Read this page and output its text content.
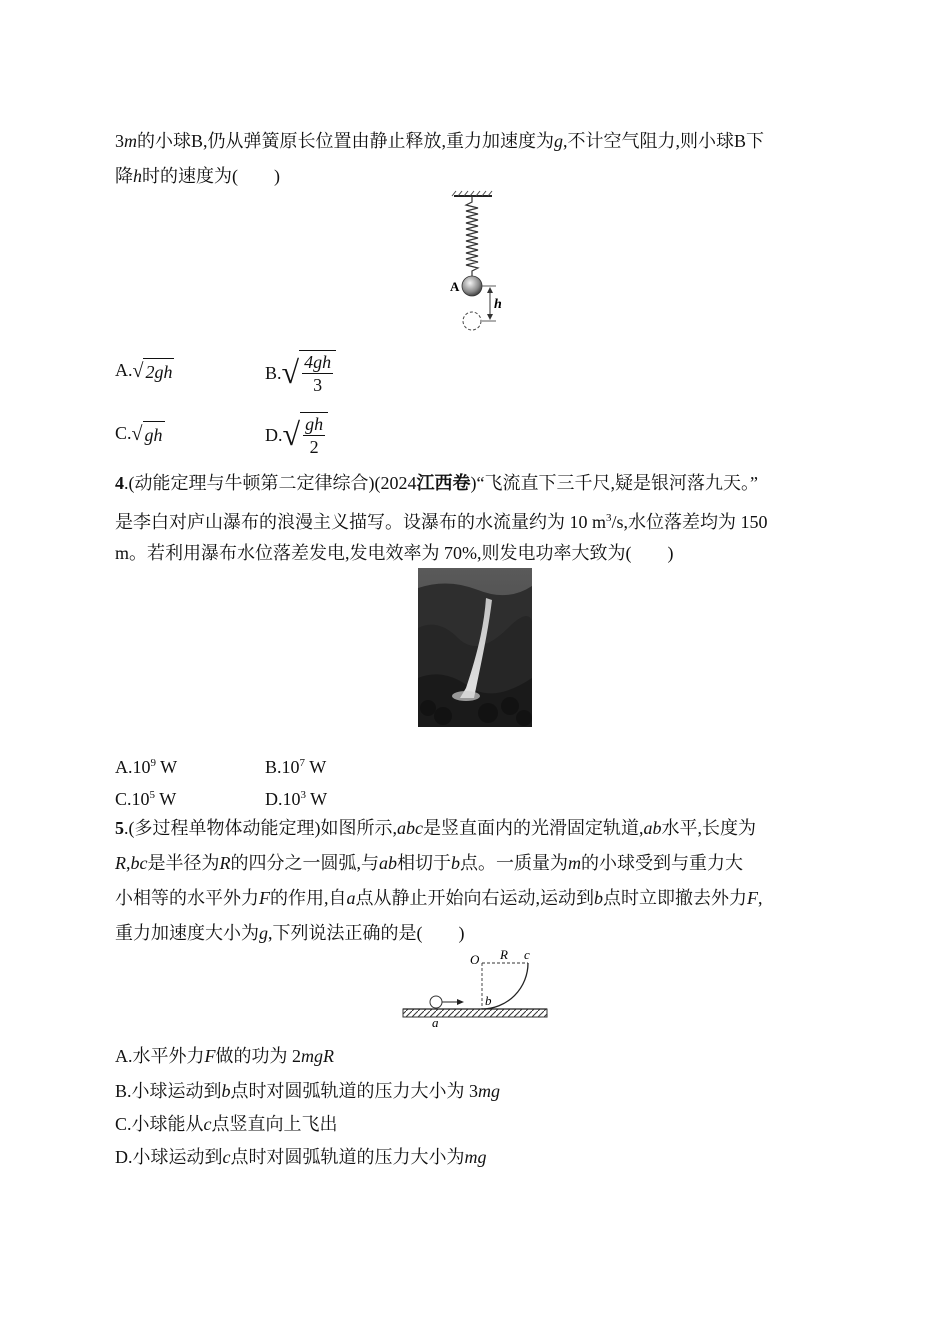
3m的小球B,仍从弹簧原长位置由静止释放,重力加速度为g,不计空气阻力,则小球B下
降h时的速度为(　　)
A
h
A. √ 2gh	B. √ $\frac{4gh}{3}$
C. √ gh	D. √ $\frac{gh}{2}$
4.(动能定理与牛顿第二定律综合)(2024江西卷)“飞流直下三千尺,疑是银河落九天。”
是李白对庐山瀑布的浪漫主义描写。设瀑布的水流量约为 10 $m^3/s$,水位落差均为 150
m。若利用瀑布水位落差发电,发电效率为 70%,则发电功率大致为(　　)
$A.10^9$ W	$B.10^7$ W
$C.10^5$ W	$D.10^3$ W
5.(多过程单物体动能定理)如图所示,abc是竖直面内的光滑固定轨道,ab水平,长度为
R,bc是半径为R的四分之一圆弧,与ab相切于b点。一质量为m的小球受到与重力大
小相等的水平外力F的作用,自a点从静止开始向右运动,运动到b点时立即撤去外力F,
重力加速度大小为g,下列说法正确的是(　　)
O R c
b
a
A.水平外力F做的功为 2mgR
B.小球运动到b点时对圆弧轨道的压力大小为 3mg
C.小球能从c点竖直向上飞出
D.小球运动到c点时对圆弧轨道的压力大小为mg
